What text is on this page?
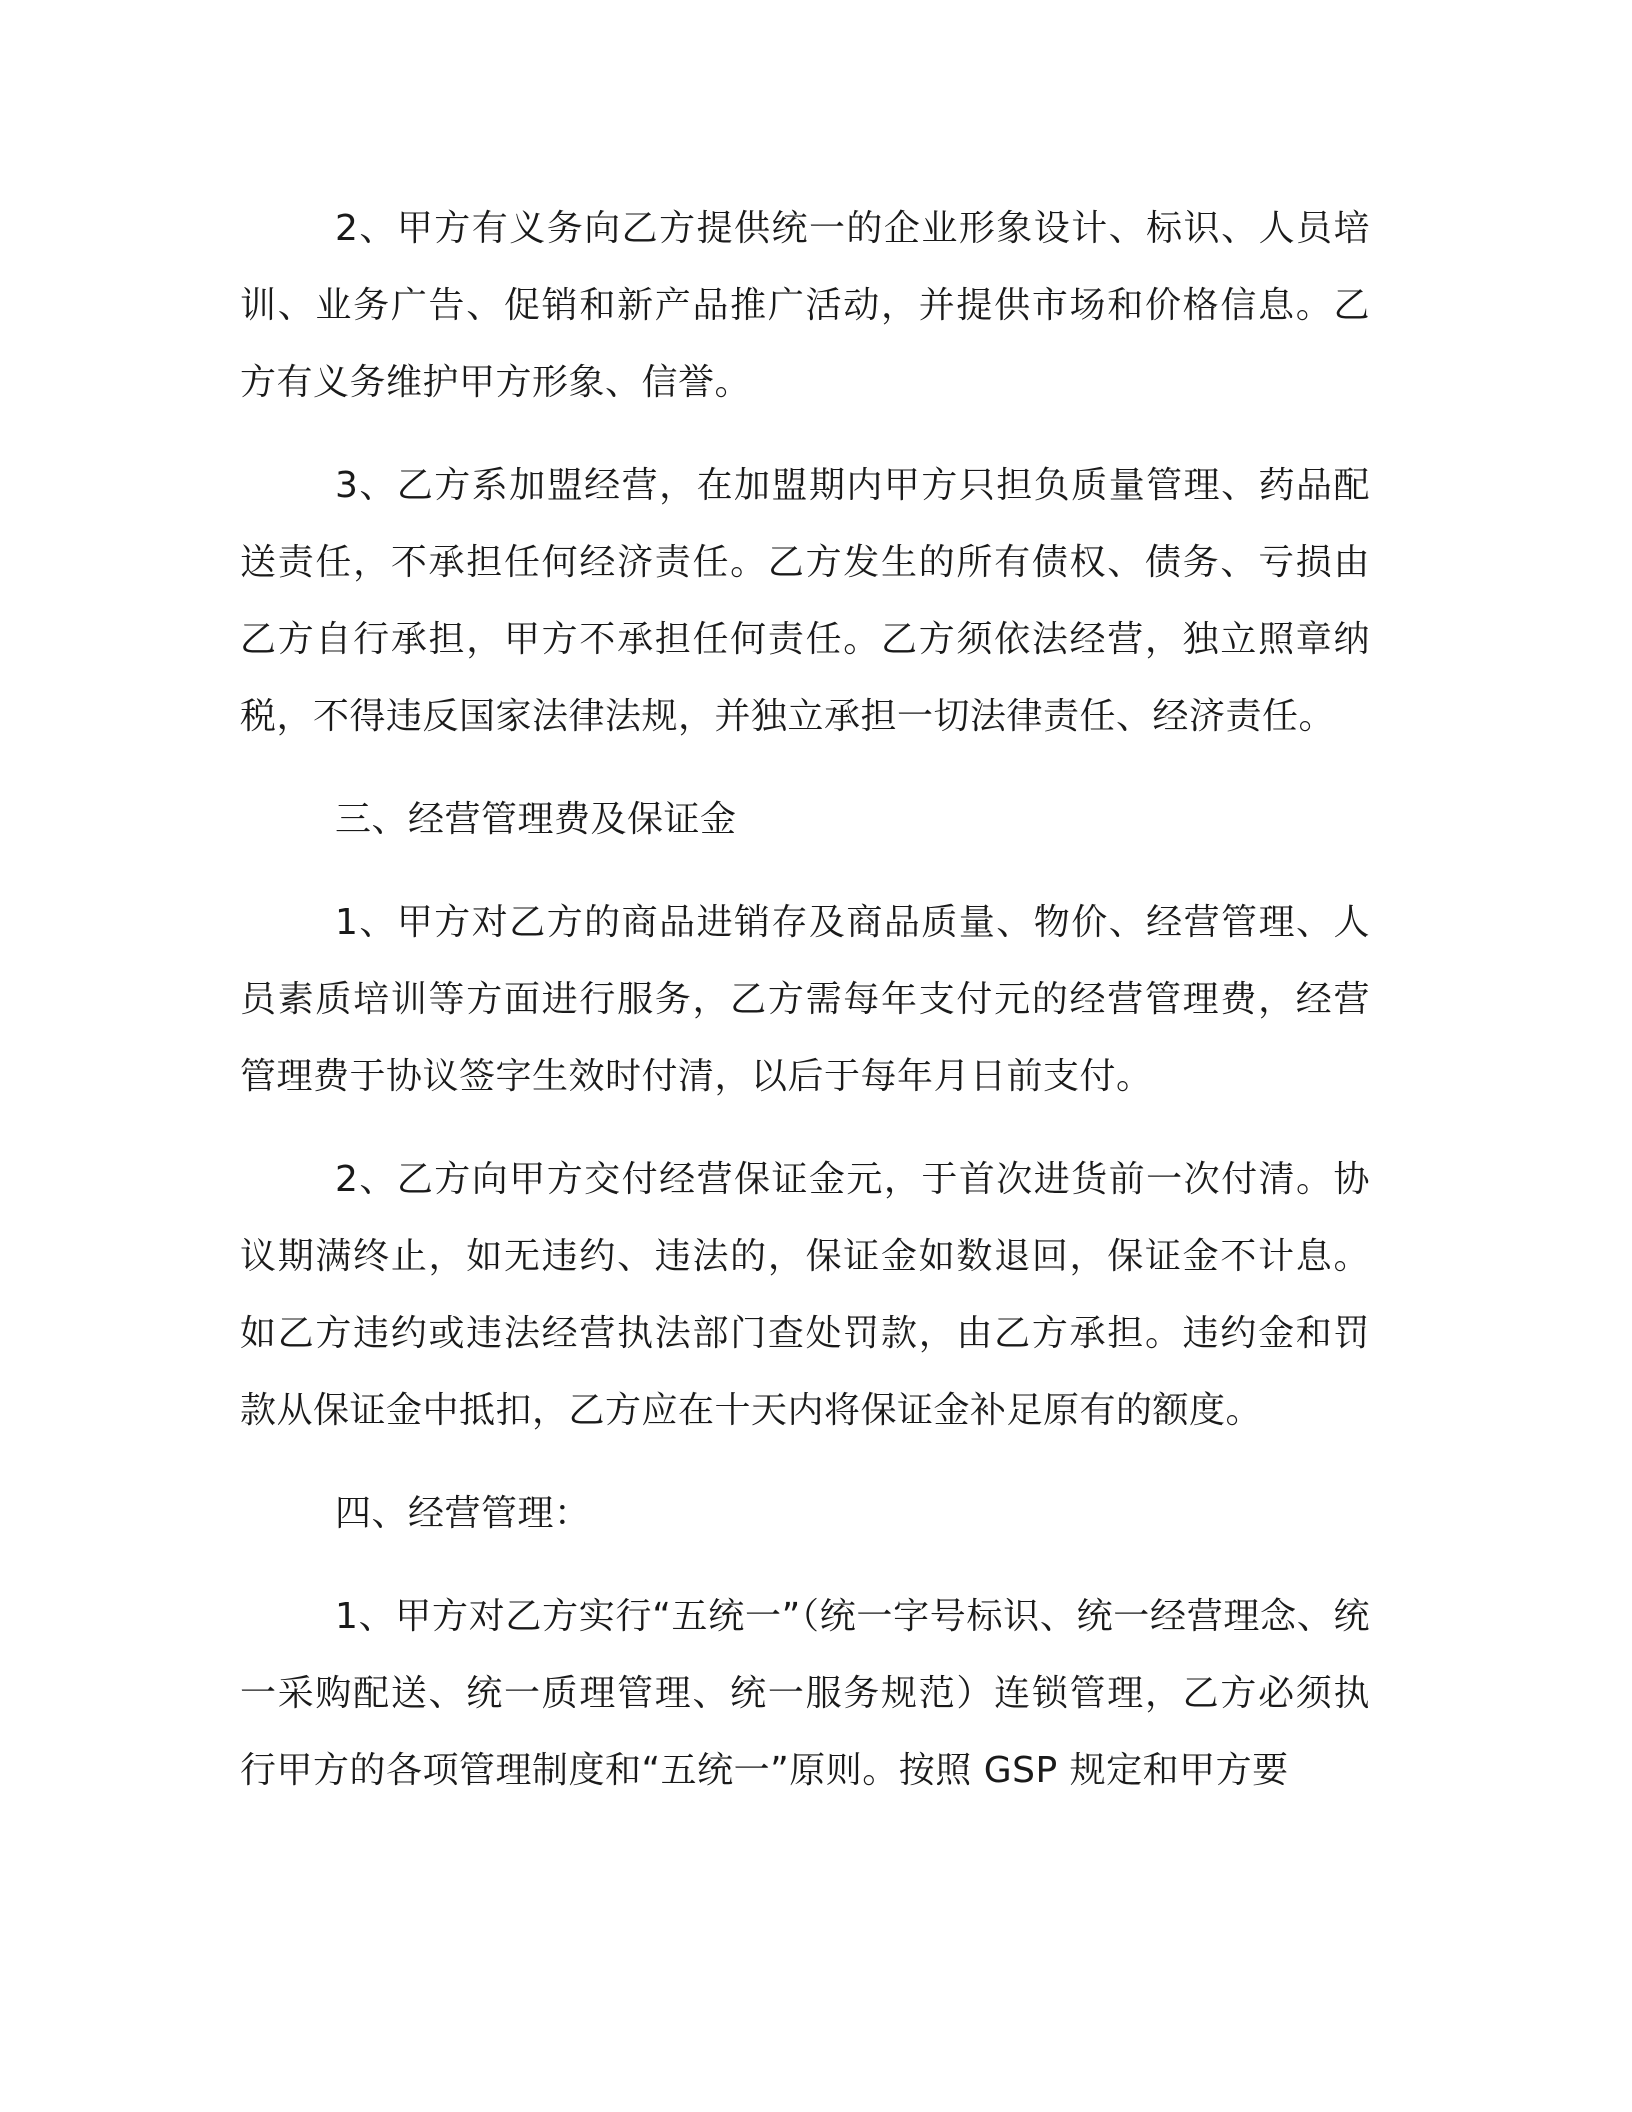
2、甲方有义务向乙方提供统一的企业形象设计、标识、人员培训、业务广告、促销和新产品推广活动，并提供市场和价格信息。乙方有义务维护甲方形象、信誉。

3、乙方系加盟经营，在加盟期内甲方只担负质量管理、药品配送责任，不承担任何经济责任。乙方发生的所有债权、债务、亏损由乙方自行承担，甲方不承担任何责任。乙方须依法经营，独立照章纳税，不得违反国家法律法规，并独立承担一切法律责任、经济责任。

三、经营管理费及保证金

1、甲方对乙方的商品进销存及商品质量、物价、经营管理、人员素质培训等方面进行服务，乙方需每年支付元的经营管理费，经营管理费于协议签字生效时付清，以后于每年月日前支付。

2、乙方向甲方交付经营保证金元，于首次进货前一次付清。协议期满终止，如无违约、违法的，保证金如数退回，保证金不计息。如乙方违约或违法经营执法部门查处罚款，由乙方承担。违约金和罚款从保证金中抵扣，乙方应在十天内将保证金补足原有的额度。

四、经营管理：

1、甲方对乙方实行“五统一”（统一字号标识、统一经营理念、统一采购配送、统一质理管理、统一服务规范）连锁管理，乙方必须执行甲方的各项管理制度和“五统一”原则。按照 GSP 规定和甲方要
